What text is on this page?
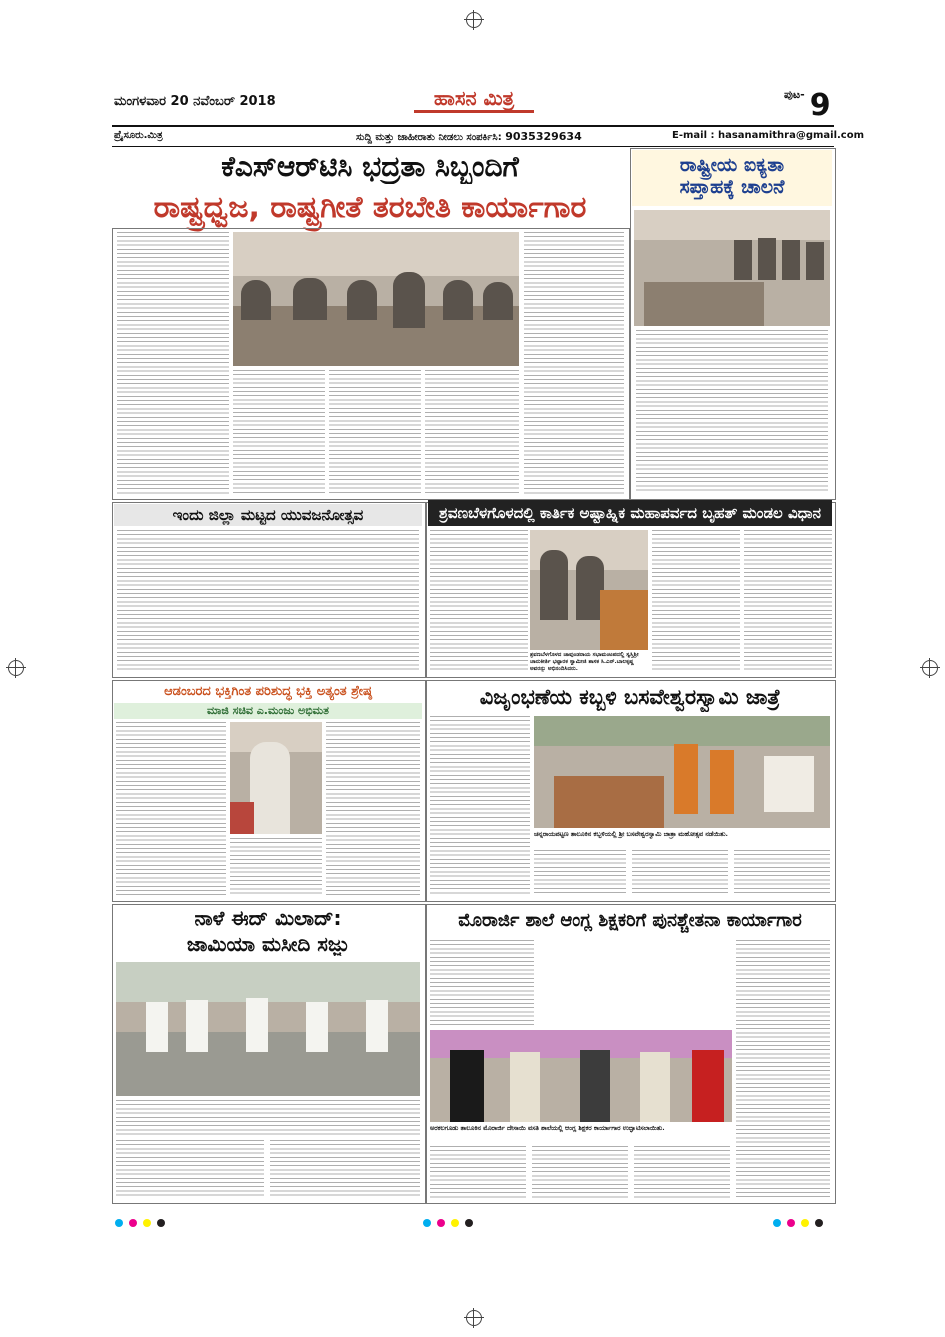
ಮಂಗಳವಾರ 20 ನವೆಂಬರ್ 2018	ಹಾಸನ ಮಿತ್ರ	$^{ಪುಟ-}$ 9
ಪ್ರೈಸೂರು.ಮಿತ್ರ	ಸುದ್ದಿ ಮತ್ತು ಜಾಹೀರಾತು ನೀಡಲು ಸಂಪರ್ಕಿಸಿ: 9035329634	E-mail : hasanamithra@gmail.com
ಕೆಎಸ್‌ಆರ್‌ಟಿಸಿ ಭದ್ರತಾ ಸಿಬ್ಬಂದಿಗೆ
ರಾಷ್ಟ್ರಧ್ವಜ, ರಾಷ್ಟ್ರಗೀತೆ ತರಬೇತಿ ಕಾರ್ಯಾಗಾರ
ರಾಷ್ಟ್ರೀಯ ಐಕ್ಯತಾ
ಸಪ್ತಾಹಕ್ಕೆ ಚಾಲನೆ
ಇಂದು ಜಿಲ್ಲಾ ಮಟ್ಟದ ಯುವಜನೋತ್ಸವ	ಶ್ರವಣಬೆಳಗೊಳದಲ್ಲಿ ಕಾರ್ತಿಕ ಅಷ್ಟಾಹ್ನಿಕ ಮಹಾಪರ್ವದ ಬೃಹತ್ ಮಂಡಲ ವಿಧಾನ
ಶ್ರವಣಬೆಳಗೊಳದ ಚಾವುಂಡರಾಯ ಸಭಾಮಂಟಪದಲ್ಲಿ ಸ್ವಸ್ತಿಶ್ರೀ ಚಾರುಕೀರ್ತಿ ಭಟ್ಟಾರಕ ಸ್ವಾಮೀಜಿ ಶಾಸಕ ಸಿ.ಎನ್.ಬಾಲಕೃಷ್ಣ ಅವರನ್ನು ಅಭಿನಂದಿಸಿದರು.
ಆಡಂಬರದ ಭಕ್ತಿಗಿಂತ ಪರಿಶುದ್ಧ ಭಕ್ತಿ ಅತ್ಯಂತ ಶ್ರೇಷ್ಠ
ಮಾಜಿ ಸಚಿವ ಎ.ಮಂಜು ಅಭಿಮತ
ವಿಜೃಂಭಣೆಯ ಕಬ್ಬಳಿ ಬಸವೇಶ್ವರಸ್ವಾಮಿ ಜಾತ್ರೆ
ಚನ್ನರಾಯಪಟ್ಟಣ ತಾಲೂಕಿನ ಕಬ್ಬಳಿಯಲ್ಲಿ ಶ್ರೀ ಬಸವೇಶ್ವರಸ್ವಾಮಿ ಜಾತ್ರಾ ಮಹೋತ್ಸವ ನಡೆಯಿತು.
ನಾಳೆ ಈದ್ ಮಿಲಾದ್:
ಜಾಮಿಯಾ ಮಸೀದಿ ಸಜ್ಜು
ಮೊರಾರ್ಜಿ ಶಾಲೆ ಆಂಗ್ಲ ಶಿಕ್ಷಕರಿಗೆ ಪುನಶ್ಚೇತನಾ ಕಾರ್ಯಾಗಾರ
ಅರಕಲಗೂಡು ತಾಲೂಕಿನ ಮೊರಾರ್ಜಿ ದೇಸಾಯಿ ವಸತಿ ಶಾಲೆಯಲ್ಲಿ ಆಂಗ್ಲ ಶಿಕ್ಷಕರ ಕಾರ್ಯಾಗಾರ ಉದ್ಘಾಟಿಸಲಾಯಿತು.
